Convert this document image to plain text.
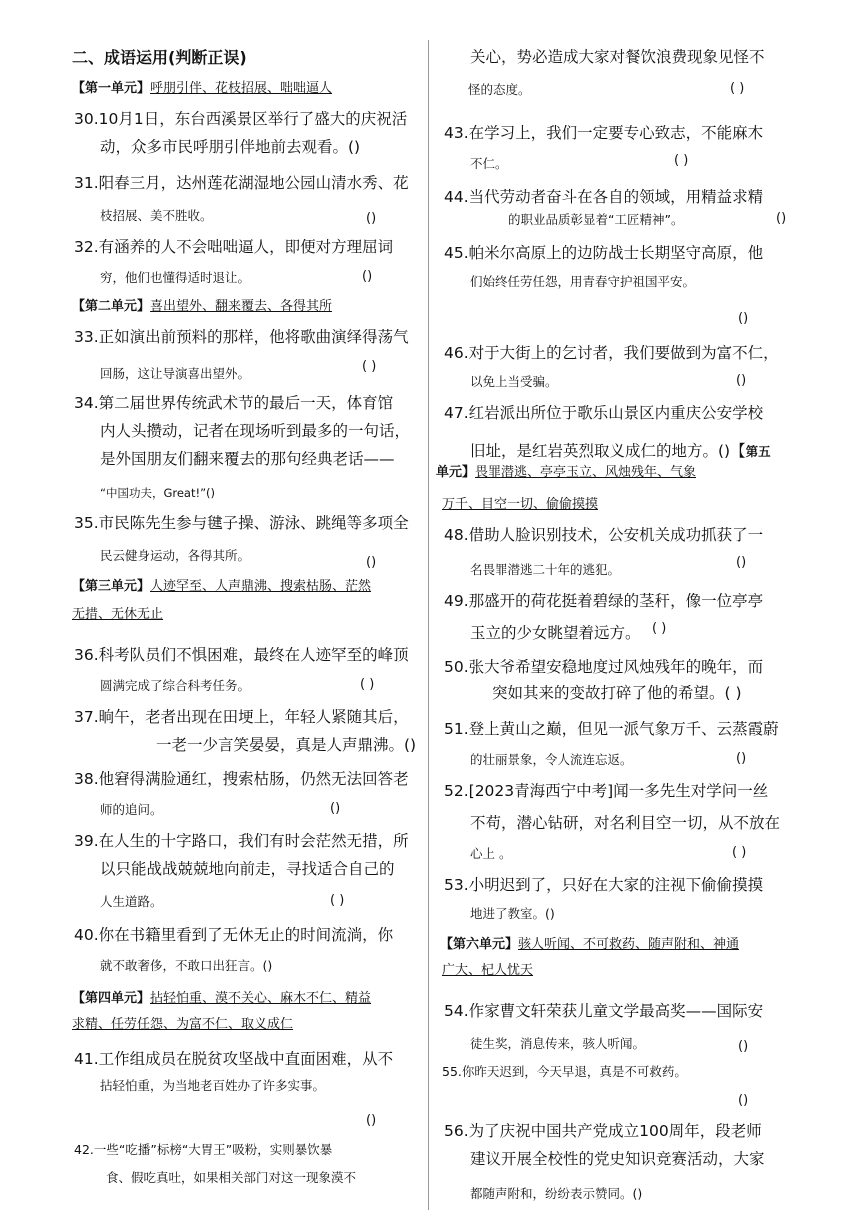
二、成语运用(判断正误)
【第一单元】呼朋引伴、花枝招展、咄咄逼人
30.10月1日，东台西溪景区举行了盛大的庆祝活
动，众多市民呼朋引伴地前去观看。()
31.阳春三月，达州莲花湖湿地公园山清水秀、花
枝招展、美不胜收。	()
32.有涵养的人不会咄咄逼人，即便对方理屈词
穷，他们也懂得适时退让。	()
【第二单元】喜出望外、翻来覆去、各得其所
33.正如演出前预料的那样，他将歌曲演绎得荡气
( )
回肠，这让导演喜出望外。
34.第二届世界传统武术节的最后一天，体育馆
内人头攒动，记者在现场听到最多的一句话，
是外国朋友们翻来覆去的那句经典老话——
“中国功夫，Great!”()
35.市民陈先生参与毽子操、游泳、跳绳等多项全
民云健身运动，各得其所。	()
【第三单元】人迹罕至、人声鼎沸、搜索枯肠、茫然
无措、无休无止
36.科考队员们不惧困难，最终在人迹罕至的峰顶
圆满完成了综合科考任务。	( )
37.晌午，老者出现在田埂上，年轻人紧随其后，
一老一少言笑晏晏，真是人声鼎沸。()
38.他窘得满脸通红，搜索枯肠，仍然无法回答老
师的追问。	()
39.在人生的十字路口，我们有时会茫然无措，所
以只能战战兢兢地向前走，寻找适合自己的
人生道路。	( )
40.你在书籍里看到了无休无止的时间流淌，你
就不敢奢侈，不敢口出狂言。()
【第四单元】拈轻怕重、漠不关心、麻木不仁、精益
求精、任劳任怨、为富不仁、取义成仁
41.工作组成员在脱贫攻坚战中直面困难，从不
拈轻怕重，为当地老百姓办了许多实事。
()
42.一些“吃播”标榜“大胃王”吸粉，实则暴饮暴
食、假吃真吐，如果相关部门对这一现象漠不
关心，势必造成大家对餐饮浪费现象见怪不
怪的态度。	( )
43.在学习上，我们一定要专心致志，不能麻木
不仁。	( )
44.当代劳动者奋斗在各自的领域，用精益求精
的职业品质彰显着“工匠精神”。	()
45.帕米尔高原上的边防战士长期坚守高原，他
们始终任劳任怨，用青春守护祖国平安。
()
46.对于大街上的乞讨者，我们要做到为富不仁，
以免上当受骗。	()
47.红岩派出所位于歌乐山景区内重庆公安学校
旧址，是红岩英烈取义成仁的地方。()【第五
单元】畏罪潜逃、亭亭玉立、风烛残年、气象
万千、目空一切、偷偷摸摸
48.借助人脸识别技术，公安机关成功抓获了一
名畏罪潜逃二十年的逃犯。	()
49.那盛开的荷花挺着碧绿的茎秆，像一位亭亭
玉立的少女眺望着远方。 ( )
50.张大爷希望安稳地度过风烛残年的晚年，而
突如其来的变故打碎了他的希望。( )
51.登上黄山之巅，但见一派气象万千、云蒸霞蔚
的壮丽景象，令人流连忘返。	()
52.[2023青海西宁中考]闻一多先生对学问一丝
不苟，潜心钻研，对名利目空一切，从不放在
心上 。	( )
53.小明迟到了，只好在大家的注视下偷偷摸摸
地进了教室。()
【第六单元】骇人听闻、不可救药、随声附和、神通
广大、杞人忧天
54.作家曹文轩荣获儿童文学最高奖——国际安
徒生奖，消息传来，骇人听闻。	()
55.你昨天迟到，今天早退，真是不可救药。
()
56.为了庆祝中国共产党成立100周年，段老师
建议开展全校性的党史知识竞赛活动，大家
都随声附和，纷纷表示赞同。()
